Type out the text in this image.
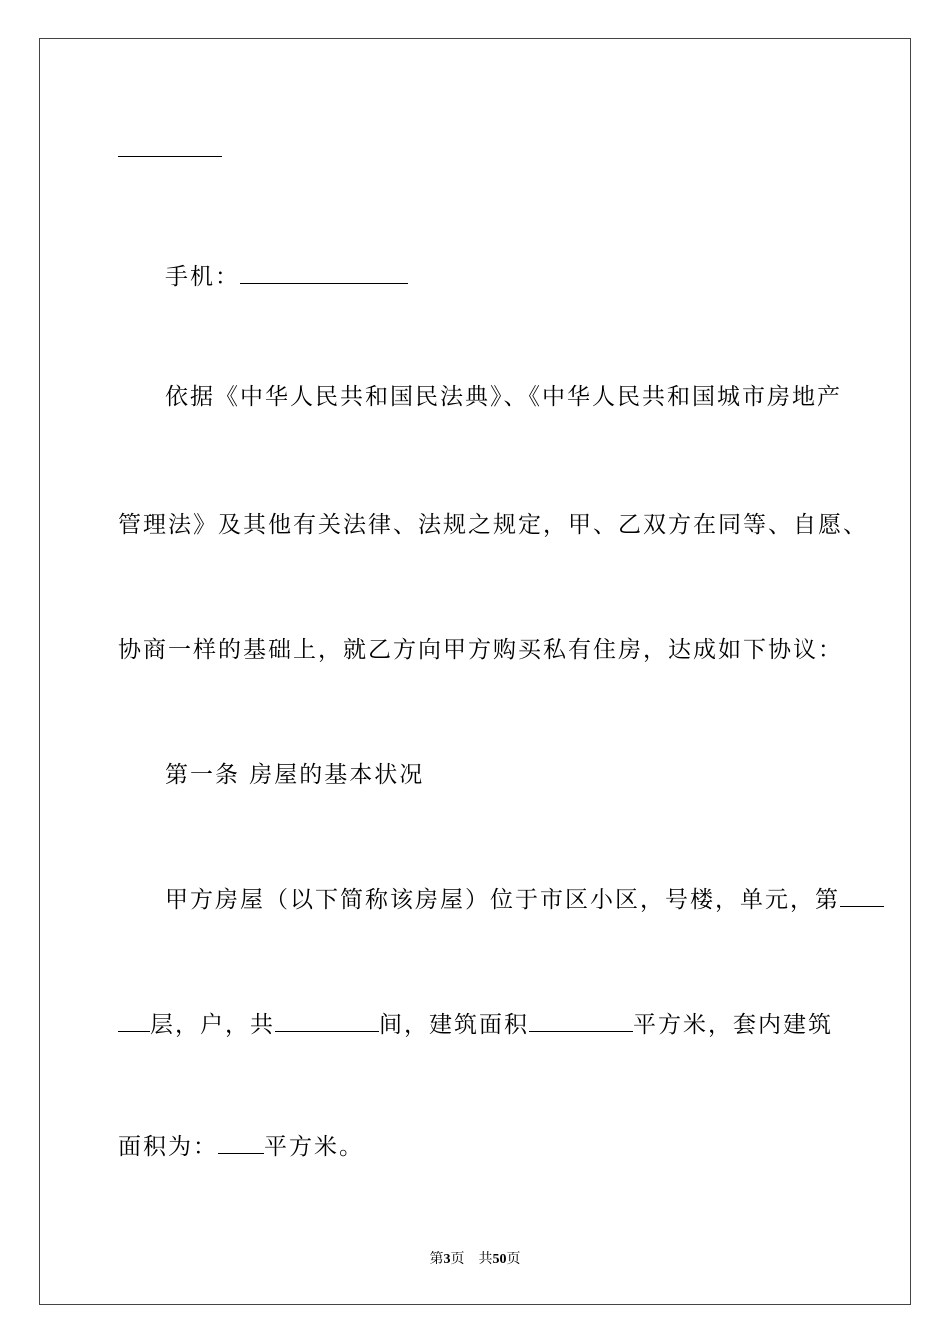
手机：
依据《中华人民共和国民法典》、《中华人民共和国城市房地产
管理法》及其他有关法律、法规之规定，甲、乙双方在同等、自愿、
协商一样的基础上，就乙方向甲方购买私有住房，达成如下协议：
第一条 房屋的基本状况
甲方房屋（以下简称该房屋）位于市区小区，号楼，单元，第
层，户，共	间，建筑面积	平方米，套内建筑
面积为： 平方米。
第3页　共50页
